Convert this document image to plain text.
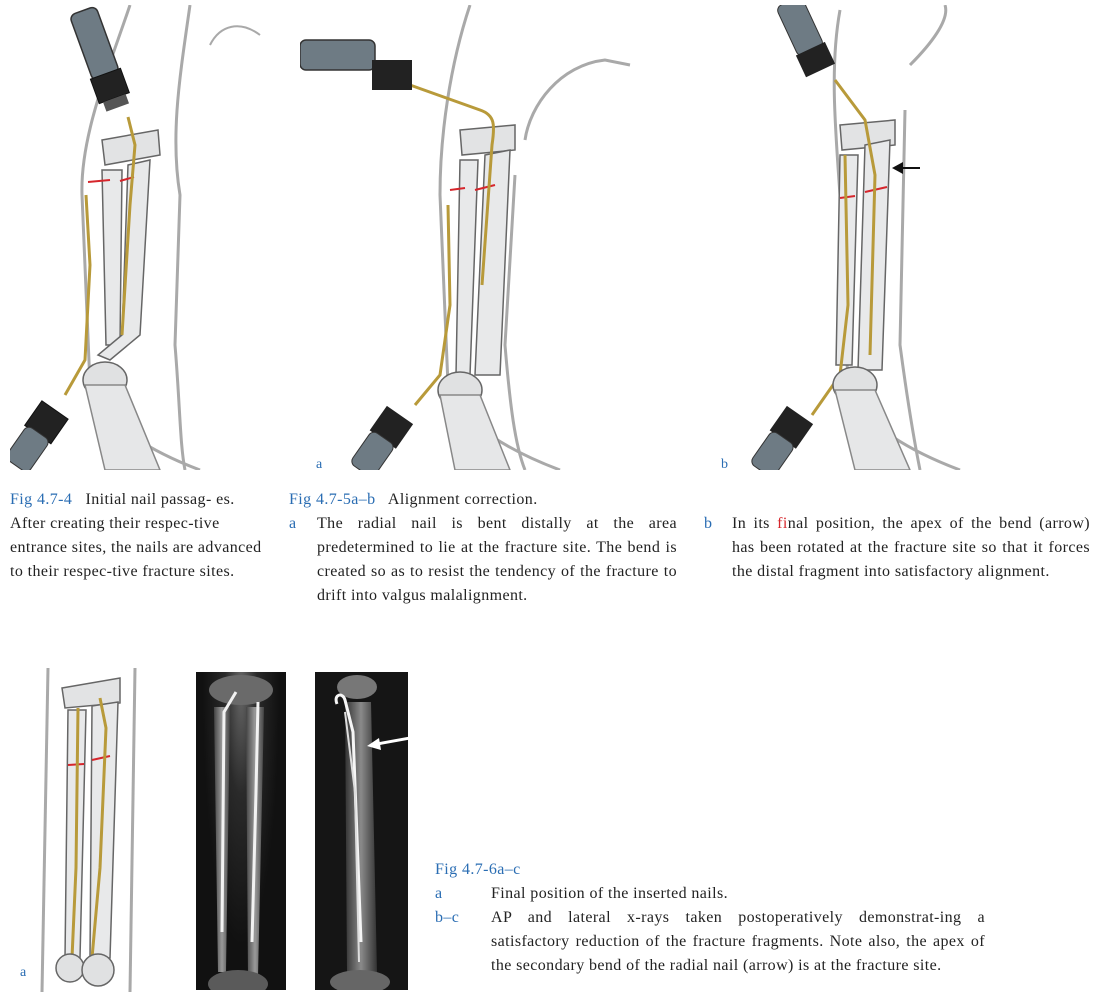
a	b
Fig 4.7-4 Initial nail passag- es. After creating their respec-tive entrance sites, the nails are advanced to their respec-tive fracture sites.
Fig 4.7-5a–b Alignment correction.
a The radial nail is bent distally at the area predetermined to lie at the fracture site. The bend is created so as to resist the tendency of the fracture to drift into valgus malalignment.
b In its final position, the apex of the bend (arrow) has been rotated at the fracture site so that it forces the distal fragment into satisfactory alignment.
a
Fig 4.7-6a–c
a	Final position of the inserted nails.
b–c AP and lateral x-rays taken postoperatively demonstrat-ing a satisfactory reduction of the fracture fragments. Note also, the apex of the secondary bend of the radial nail (arrow) is at the fracture site.
